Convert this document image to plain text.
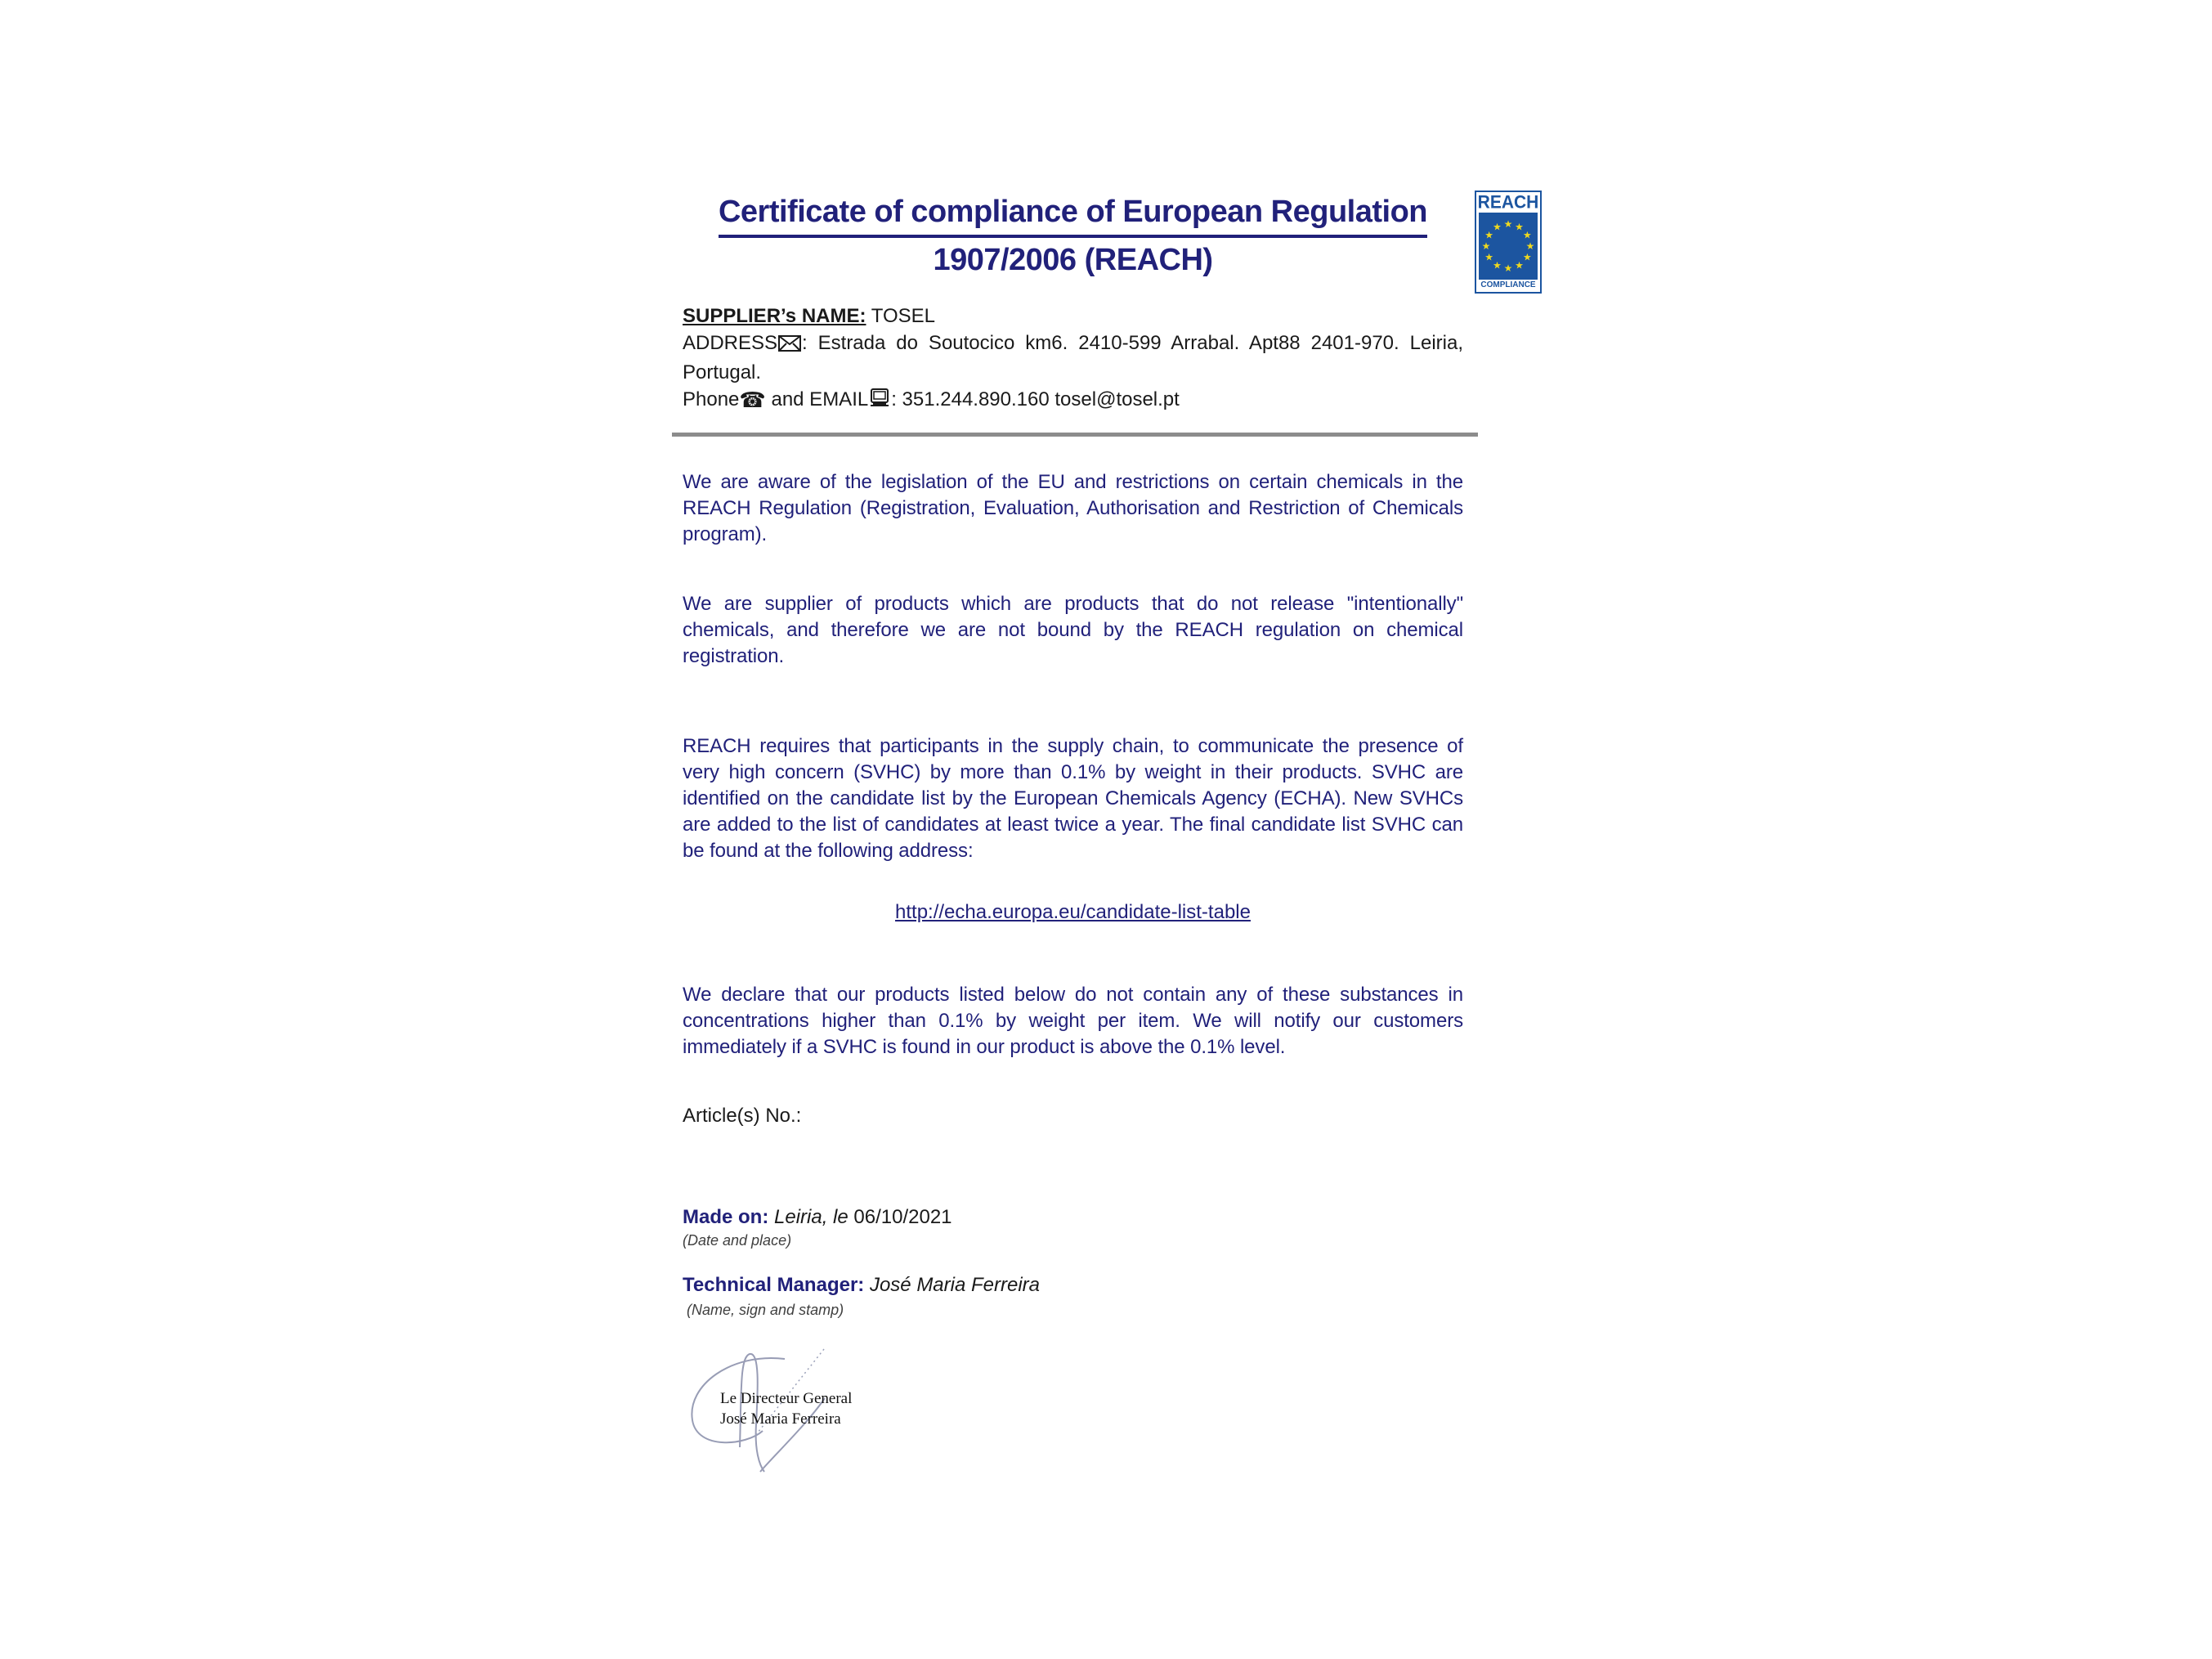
REACH
★ ★
★
★
★
★
★
★
★
★
★
★
COMPLIANCE
Certificate of compliance of European Regulation
1907/2006 (REACH)
SUPPLIER’s NAME: TOSEL
ADDRESS : Estrada do Soutocico km6. 2410-599 Arrabal. Apt88 2401-970. Leiria, Portugal.
Phone☎ and EMAIL : 351.244.890.160 tosel@tosel.pt

We are aware of the legislation of the EU and restrictions on certain chemicals in the REACH Regulation (Registration, Evaluation, Authorisation and Restriction of Chemicals program).

We are supplier of products which are products that do not release "intentionally" chemicals, and therefore we are not bound by the REACH regulation on chemical registration.

REACH requires that participants in the supply chain, to communicate the presence of very high concern (SVHC) by more than 0.1% by weight in their products. SVHC are identified on the candidate list by the European Chemicals Agency (ECHA). New SVHCs are added to the list of candidates at least twice a year. The final candidate list SVHC can be found at the following address:

http://echa.europa.eu/candidate-list-table

We declare that our products listed below do not contain any of these substances in concentrations higher than 0.1% by weight per item. We will notify our customers immediately if a SVHC is found in our product is above the 0.1% level.

Article(s) No.:
Made on: Leiria, le 06/10/2021
(Date and place)
Technical Manager: José Maria Ferreira
(Name, sign and stamp)
Le Directeur General
José Maria Ferreira
